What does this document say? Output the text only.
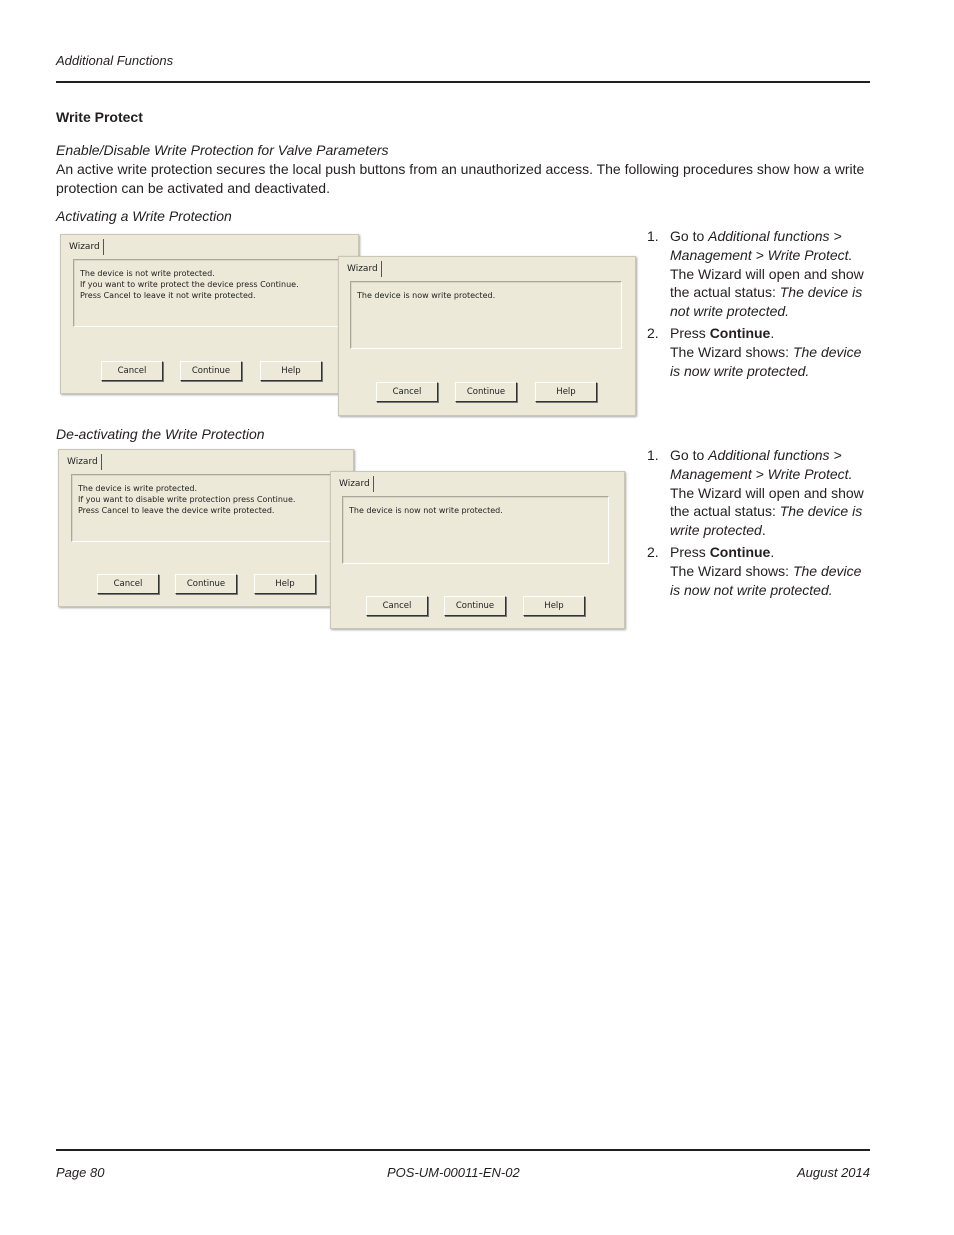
Additional Functions
Write Protect
Enable/Disable Write Protection for Valve Parameters
An active write protection secures the local push buttons from an unauthorized access. The following procedures show how a write protection can be activated and deactivated.
Activating a Write Protection
Wizard
The device is not write protected.
If you want to write protect the device press Continue.
Press Cancel to leave it not write protected.
Cancel	Continue	Help
Wizard
The device is now write protected.
Cancel	Continue	Help
1. Go to Additional functions > Management > Write Protect. The Wizard will open and show the actual status: The device is not write protected.
2. Press Continue.
The Wizard shows: The device is now write protected.
De-activating the Write Protection
Wizard
The device is write protected.
If you want to disable write protection press Continue.
Press Cancel to leave the device write protected.
Cancel	Continue	Help
Wizard
The device is now not write protected.
Cancel	Continue	Help
1. Go to Additional functions > Management > Write Protect. The Wizard will open and show the actual status: The device is write protected.
2. Press Continue.
The Wizard shows: The device is now not write protected.
Page 80	POS-UM-00011-EN-02	August 2014
